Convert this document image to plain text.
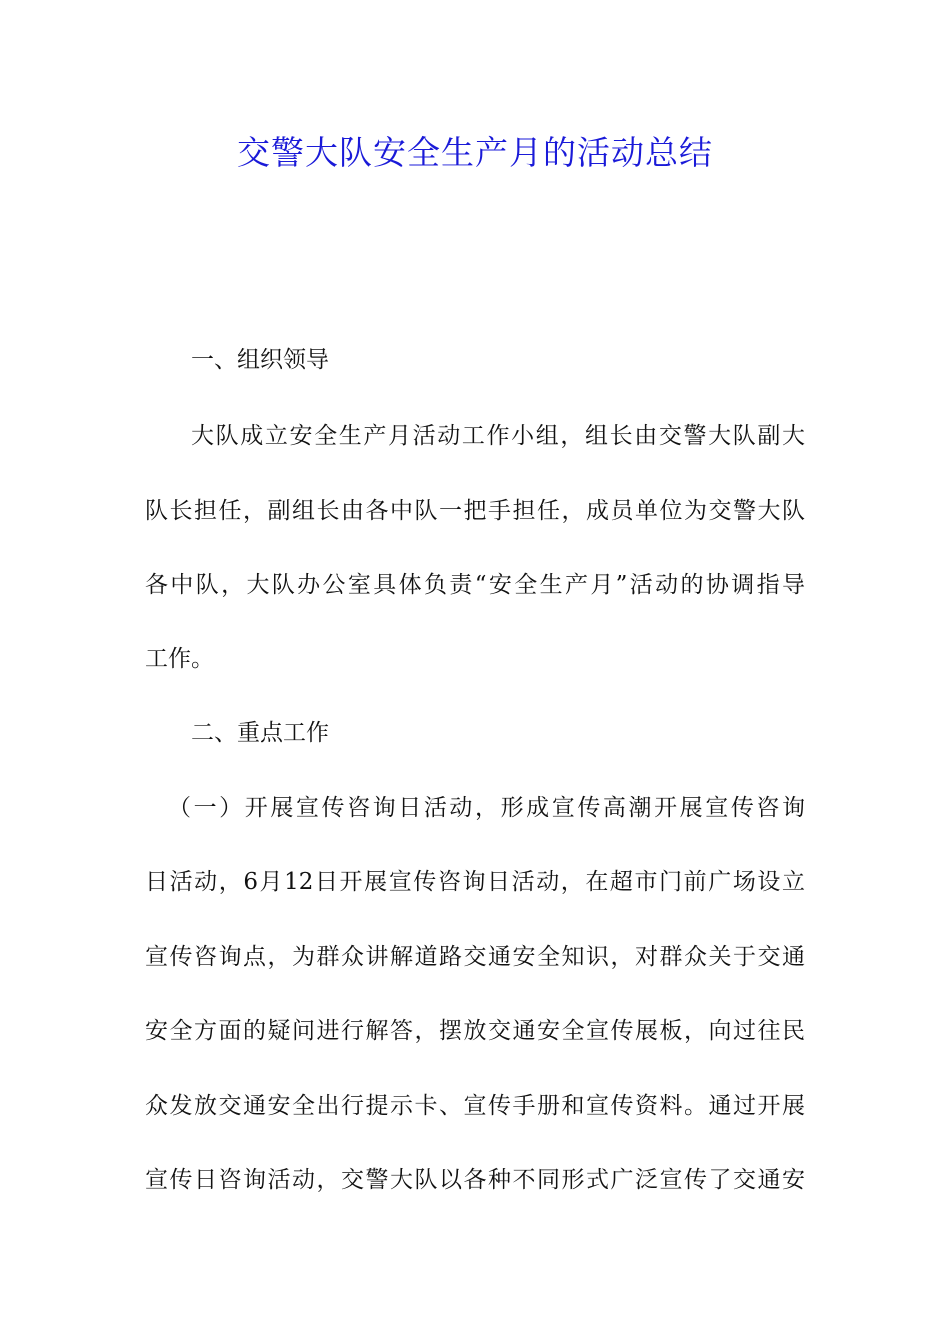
交警大队安全生产月的活动总结
一、组织领导
大队成立安全生产月活动工作小组，组长由交警大队副大
队长担任，副组长由各中队一把手担任，成员单位为交警大队
各中队，大队办公室具体负责“安全生产月”活动的协调指导
工作。
二、重点工作
（一）开展宣传咨询日活动，形成宣传高潮开展宣传咨询
日活动，6月12日开展宣传咨询日活动，在超市门前广场设立
宣传咨询点，为群众讲解道路交通安全知识，对群众关于交通
安全方面的疑问进行解答，摆放交通安全宣传展板，向过往民
众发放交通安全出行提示卡、宣传手册和宣传资料。通过开展
宣传日咨询活动，交警大队以各种不同形式广泛宣传了交通安
